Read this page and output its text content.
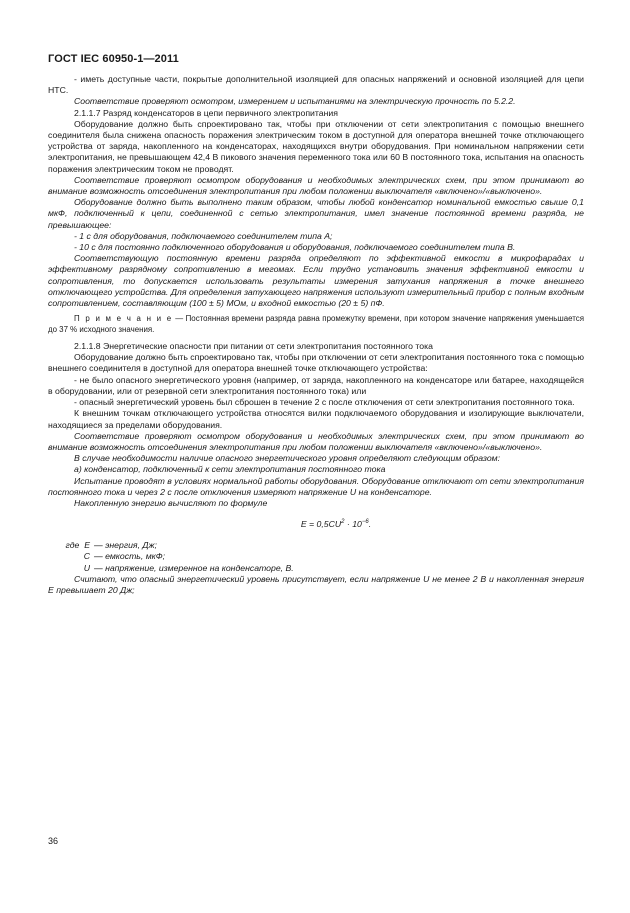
ГОСТ IEC 60950-1—2011

- иметь доступные части, покрытые дополнительной изоляцией для опасных напряжений и основной изоляцией для цепи НТС.

Соответствие проверяют осмотром, измерением и испытаниями на электрическую прочность по 5.2.2.

2.1.1.7 Разряд конденсаторов в цепи первичного электропитания

Оборудование должно быть спроектировано так, чтобы при отключении от сети электропитания с помощью внешнего соединителя была снижена опасность поражения электрическим током в доступной для оператора внешней точке отключающего устройства от заряда, накопленного на конденсаторах, находящихся внутри оборудования. При номинальном напряжении сети электропитания, не превышающем 42,4 В пикового значения переменного тока или 60 В постоянного тока, испытания на опасность поражения электрическим током не проводят.

Соответствие проверяют осмотром оборудования и необходимых электрических схем, при этом принимают во внимание возможность отсоединения электропитания при любом положении выключателя «включено»/«выключено».

Оборудование должно быть выполнено таким образом, чтобы любой конденсатор номинальной емкостью свыше 0,1 мкФ, подключенный к цепи, соединенной с сетью электропитания, имел значение постоянной времени разряда, не превышающее:

- 1 с для оборудования, подключаемого соединителем типа А;

- 10 с для постоянно подключенного оборудования и оборудования, подключаемого соединителем типа В.

Соответствующую постоянную времени разряда определяют по эффективной емкости в микрофарадах и эффективному разрядному сопротивлению в мегомах. Если трудно установить значения эффективной емкости и сопротивления, то допускается использовать результаты измерения затухания напряжения в точке внешнего отключающего устройства. Для определения затухающего напряжения используют измерительный прибор с полным входным сопротивлением, составляющим (100 ± 5) МОм, и входной емкостью (20 ± 5) пФ.

П р и м е ч а н и е — Постоянная времени разряда равна промежутку времени, при котором значение напряжения уменьшается до 37 % исходного значения.

2.1.1.8 Энергетические опасности при питании от сети электропитания постоянного тока

Оборудование должно быть спроектировано так, чтобы при отключении от сети электропитания постоянного тока с помощью внешнего соединителя в доступной для оператора внешней точке отключающего устройства:

- не было опасного энергетического уровня (например, от заряда, накопленного на конденсаторе или батарее, находящейся в оборудовании, или от резервной сети электропитания постоянного тока) или

- опасный энергетический уровень был сброшен в течение 2 с после отключения от сети электропитания постоянного тока.

К внешним точкам отключающего устройства относятся вилки подключаемого оборудования и изолирующие выключатели, находящиеся за пределами оборудования.

Соответствие проверяют осмотром оборудования и необходимых электрических схем, при этом принимают во внимание возможность отсоединения электропитания при любом положении выключателя «включено»/«выключено».

В случае необходимости наличие опасного энергетического уровня определяют следующим образом:

а) конденсатор, подключенный к сети электропитания постоянного тока

Испытание проводят в условиях нормальной работы оборудования. Оборудование отключают от сети электропитания постоянного тока и через 2 с после отключения измеряют напряжение U на конденсаторе.

Накопленную энергию вычисляют по формуле

$E = 0,5CU^2 \cdot 10^{-6}$.

где E — энергия, Дж;
C — емкость, мкФ;
U — напряжение, измеренное на конденсаторе, В.

Считают, что опасный энергетический уровень присутствует, если напряжение U не менее 2 В и накопленная энергия E превышает 20 Дж;

36
